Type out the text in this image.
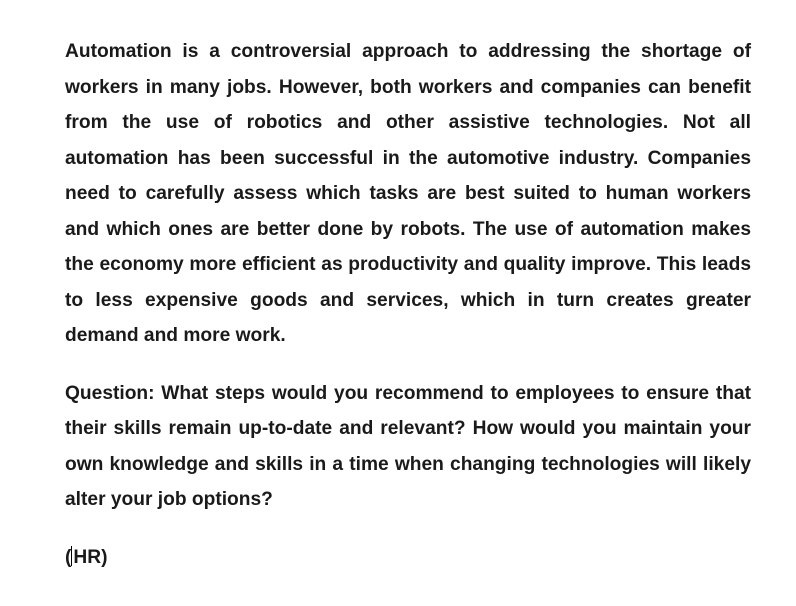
Automation is a controversial approach to addressing the shortage of workers in many jobs. However, both workers and companies can benefit from the use of robotics and other assistive technologies. Not all automation has been successful in the automotive industry. Companies need to carefully assess which tasks are best suited to human workers and which ones are better done by robots. The use of automation makes the economy more efficient as productivity and quality improve. This leads to less expensive goods and services, which in turn creates greater demand and more work.

Question: What steps would you recommend to employees to ensure that their skills remain up-to-date and relevant? How would you maintain your own knowledge and skills in a time when changing technologies will likely alter your job options?

( HR)
